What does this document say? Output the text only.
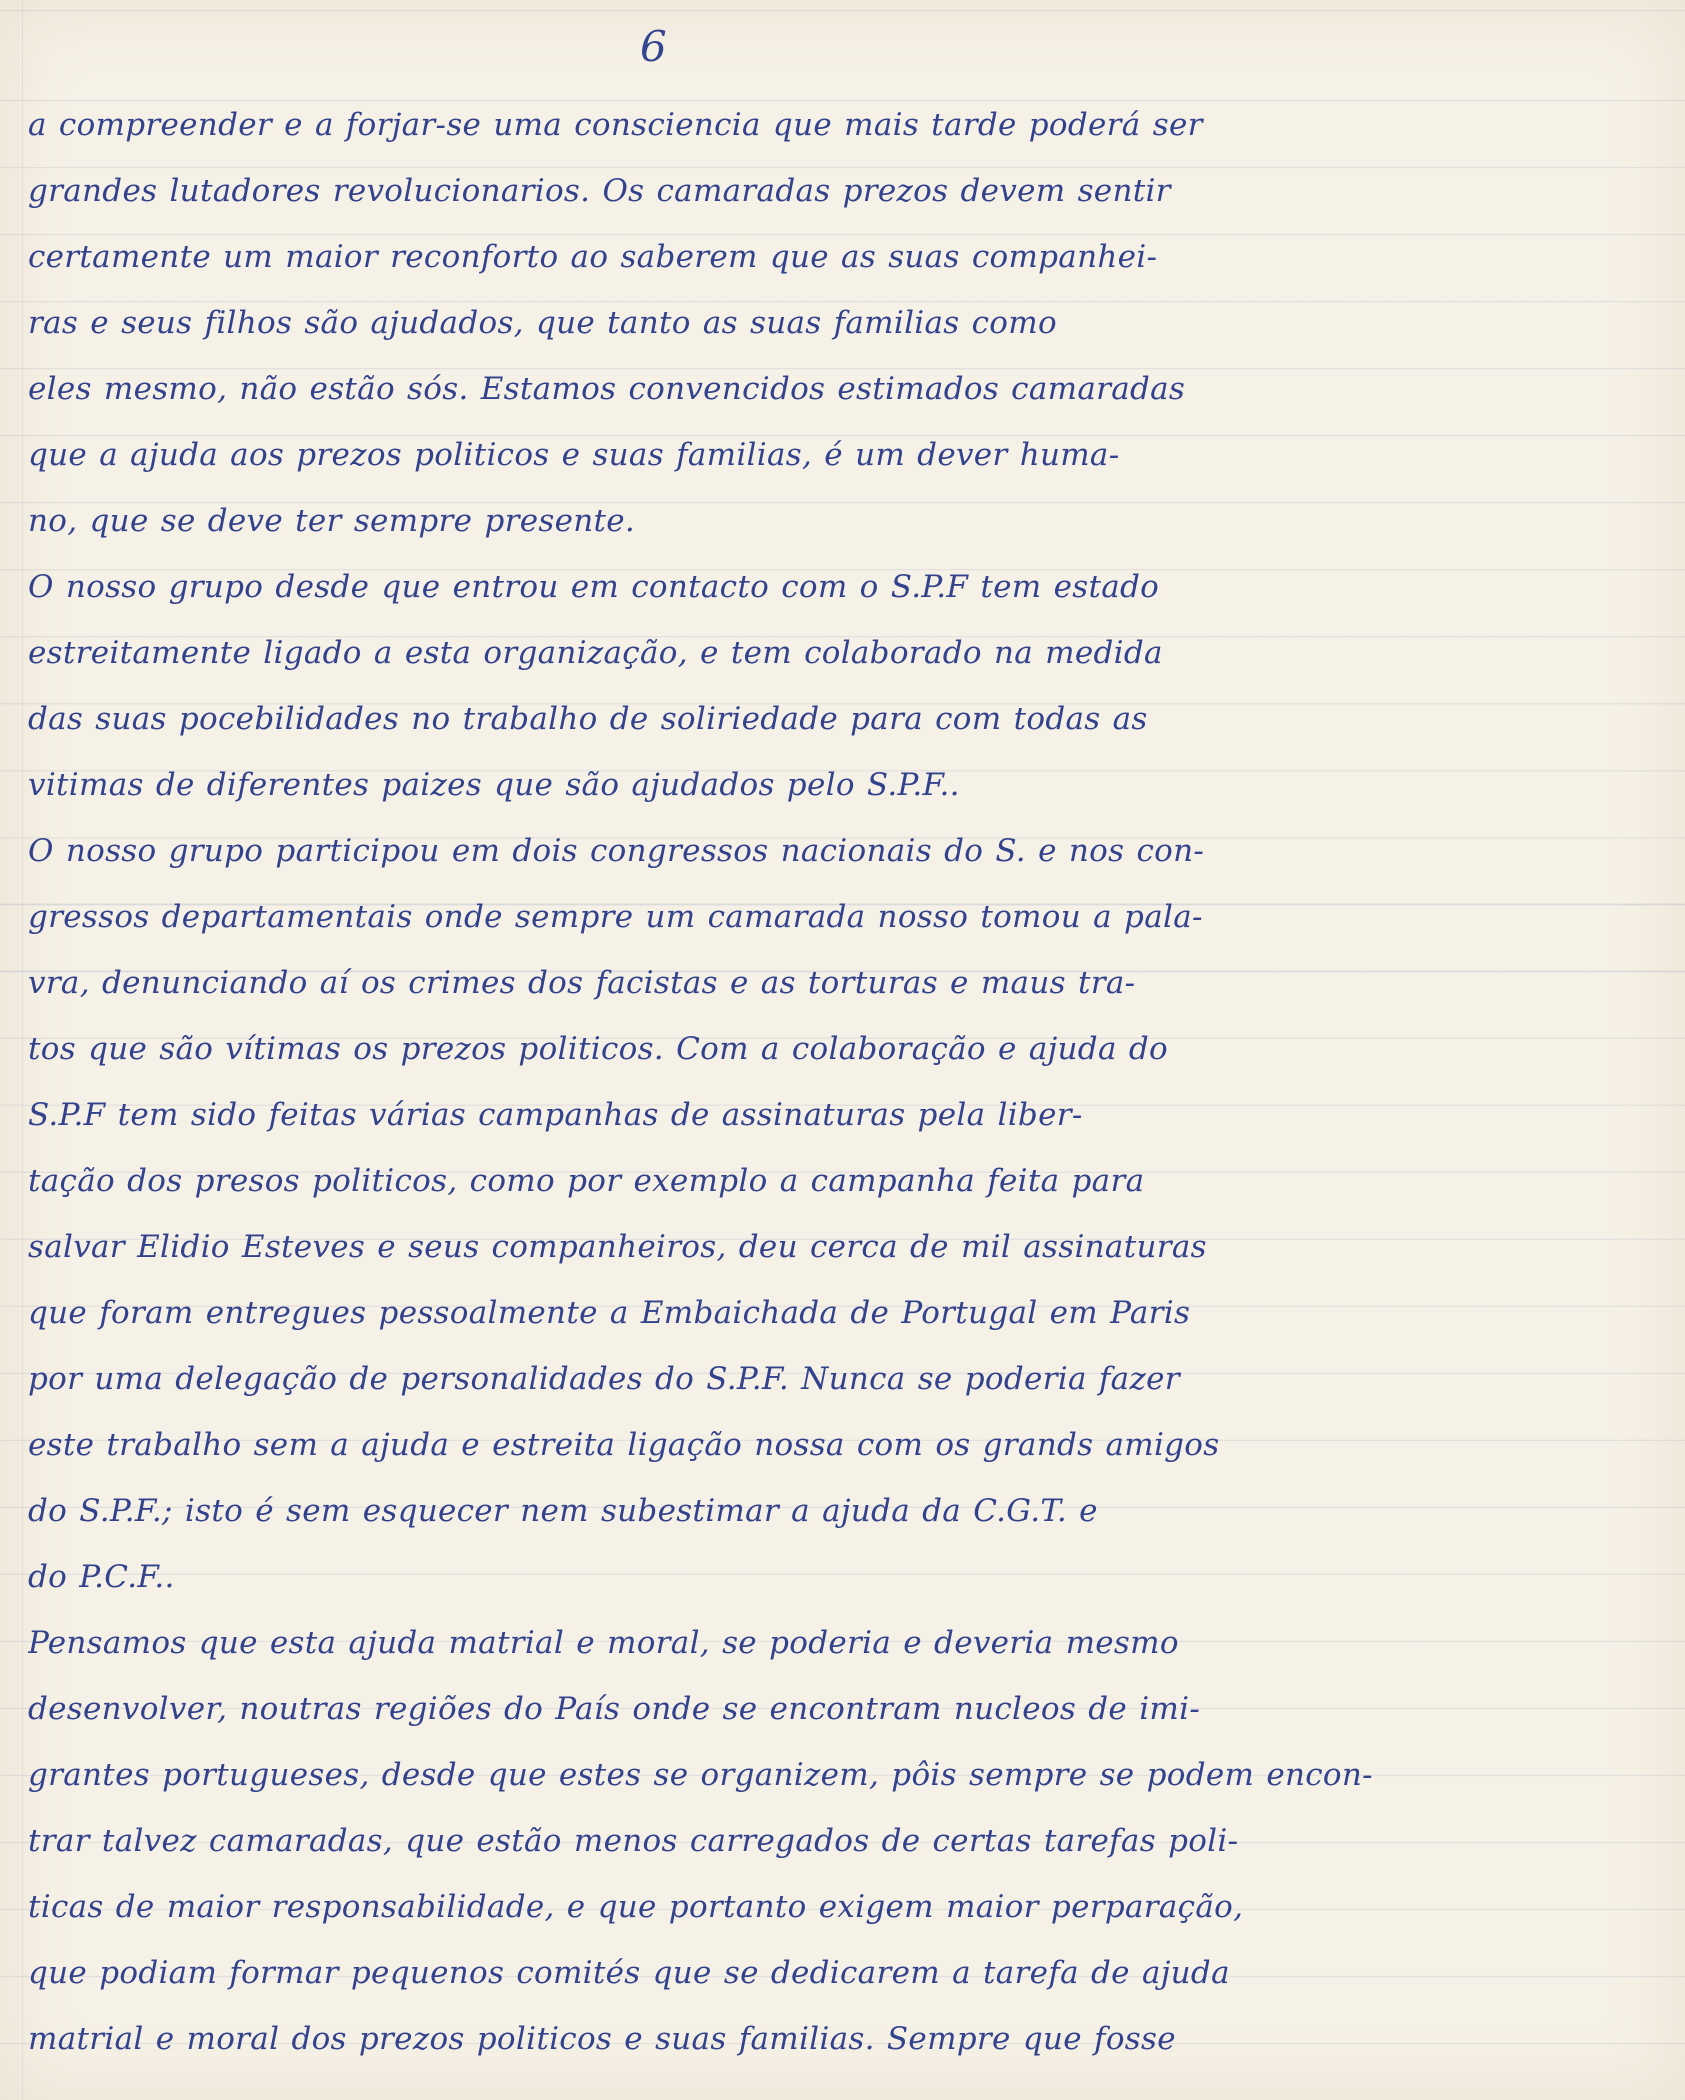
6
a compreender e a forjar-se uma consciencia que mais tarde poderá ser
grandes lutadores revolucionarios. Os camaradas prezos devem sentir
certamente um maior reconforto ao saberem que as suas companhei-
ras e seus filhos são ajudados, que tanto as suas familias como
eles mesmo, não estão sós. Estamos convencidos estimados camaradas
que a ajuda aos prezos politicos e suas familias, é um dever huma-
no, que se deve ter sempre presente.
O nosso grupo desde que entrou em contacto com o S.P.F tem estado
estreitamente ligado a esta organização, e tem colaborado na medida
das suas pocebilidades no trabalho de soliriedade para com todas as
vitimas de diferentes paizes que são ajudados pelo S.P.F..
O nosso grupo participou em dois congressos nacionais do S. e nos con-
gressos departamentais onde sempre um camarada nosso tomou a pala-
vra, denunciando aí os crimes dos facistas e as torturas e maus tra-
tos que são vítimas os prezos politicos. Com a colaboração e ajuda do
S.P.F tem sido feitas várias campanhas de assinaturas pela liber-
tação dos presos politicos, como por exemplo a campanha feita para
salvar Elidio Esteves e seus companheiros, deu cerca de mil assinaturas
que foram entregues pessoalmente a Embaichada de Portugal em Paris
por uma delegação de personalidades do S.P.F. Nunca se poderia fazer
este trabalho sem a ajuda e estreita ligação nossa com os grands amigos
do S.P.F.; isto é sem esquecer nem subestimar a ajuda da C.G.T. e
do P.C.F..
Pensamos que esta ajuda matrial e moral, se poderia e deveria mesmo
desenvolver, noutras regiões do País onde se encontram nucleos de imi-
grantes portugueses, desde que estes se organizem, pôis sempre se podem encon-
trar talvez camaradas, que estão menos carregados de certas tarefas poli-
ticas de maior responsabilidade, e que portanto exigem maior perparação,
que podiam formar pequenos comités que se dedicarem a tarefa de ajuda
matrial e moral dos prezos politicos e suas familias. Sempre que fosse
